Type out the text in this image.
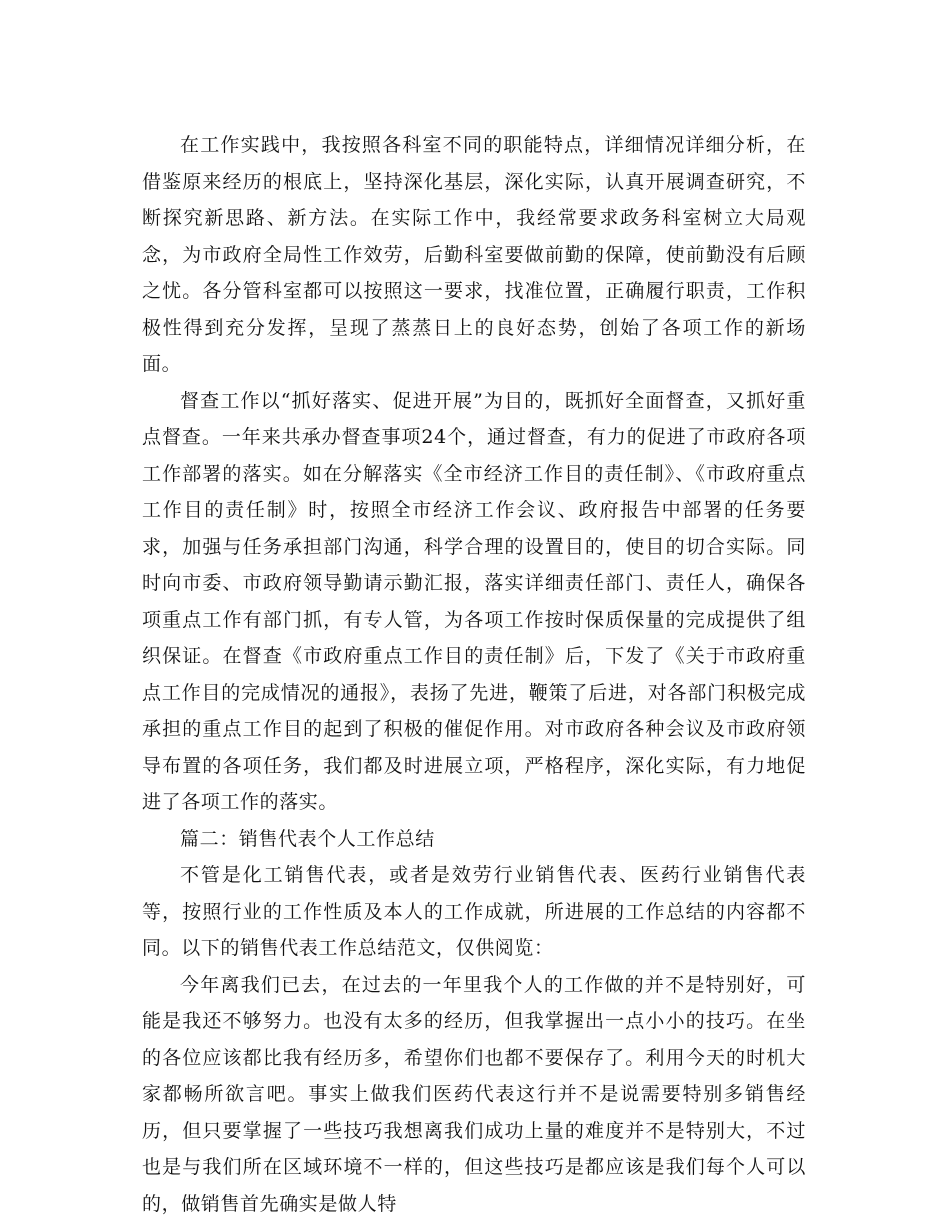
在工作实践中，我按照各科室不同的职能特点，详细情况详细分析，在借鉴原来经历的根底上，坚持深化基层，深化实际，认真开展调查研究，不断探究新思路、新方法。在实际工作中，我经常要求政务科室树立大局观念，为市政府全局性工作效劳，后勤科室要做前勤的保障，使前勤没有后顾之忧。各分管科室都可以按照这一要求，找准位置，正确履行职责，工作积极性得到充分发挥，呈现了蒸蒸日上的良好态势，创始了各项工作的新场面。

督查工作以“抓好落实、促进开展”为目的，既抓好全面督查，又抓好重点督查。一年来共承办督查事项24个，通过督查，有力的促进了市政府各项工作部署的落实。如在分解落实《全市经济工作目的责任制》、《市政府重点工作目的责任制》时，按照全市经济工作会议、政府报告中部署的任务要求，加强与任务承担部门沟通，科学合理的设置目的，使目的切合实际。同时向市委、市政府领导勤请示勤汇报，落实详细责任部门、责任人，确保各项重点工作有部门抓，有专人管，为各项工作按时保质保量的完成提供了组织保证。在督查《市政府重点工作目的责任制》后，下发了《关于市政府重点工作目的完成情况的通报》，表扬了先进，鞭策了后进，对各部门积极完成承担的重点工作目的起到了积极的催促作用。对市政府各种会议及市政府领导布置的各项任务，我们都及时进展立项，严格程序，深化实际，有力地促进了各项工作的落实。

篇二：销售代表个人工作总结

不管是化工销售代表，或者是效劳行业销售代表、医药行业销售代表等，按照行业的工作性质及本人的工作成就，所进展的工作总结的内容都不同。以下的销售代表工作总结范文，仅供阅览：

今年离我们已去，在过去的一年里我个人的工作做的并不是特别好，可能是我还不够努力。也没有太多的经历，但我掌握出一点小小的技巧。在坐的各位应该都比我有经历多，希望你们也都不要保存了。利用今天的时机大家都畅所欲言吧。事实上做我们医药代表这行并不是说需要特别多销售经历，但只要掌握了一些技巧我想离我们成功上量的难度并不是特别大，不过也是与我们所在区域环境不一样的，但这些技巧是都应该是我们每个人可以的，做销售首先确实是做人特
